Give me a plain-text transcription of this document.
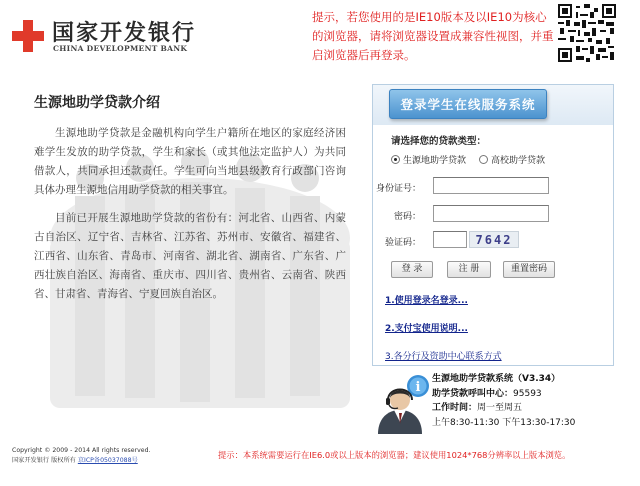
国家开发银行
CHINA DEVELOPMENT BANK
提示，若您使用的是IE10版本及以IE10为核心的浏览器，请将浏览器设置成兼容性视图，并重启浏览器后再登录。
生源地助学贷款介绍

生源地助学贷款是金融机构向学生户籍所在地区的家庭经济困难学生发放的助学贷款，学生和家长（或其他法定监护人）为共同借款人，共同承担还款责任。学生可向当地县级教育行政部门咨询具体办理生源地信用助学贷款的相关事宜。

目前已开展生源地助学贷款的省份有：河北省、山西省、内蒙古自治区、辽宁省、吉林省、江苏省、苏州市、安徽省、福建省、江西省、山东省、青岛市、河南省、湖北省、湖南省、广东省、广西壮族自治区、海南省、重庆市、四川省、贵州省、云南省、陕西省、甘肃省、青海省、宁夏回族自治区。

登录学生在线服务系统
请选择您的贷款类型：
生源地助学贷款	高校助学贷款
身份证号：
密码：
验证码：	7642
登 录	注 册	重置密码
1.使用登录名登录...
2.支付宝使用说明...
3.各分行及资助中心联系方式
i
生源地助学贷款系统（V3.34）
助学贷款呼叫中心：95593
工作时间：周一至周五
上午8:30-11:30 下午13:30-17:30
Copyright © 2009 - 2014 All rights reserved.
国家开发银行 版权所有 京ICP备05037088号
提示：本系统需要运行在IE6.0或以上版本的浏览器；建议使用1024*768分辨率以上版本浏览。
